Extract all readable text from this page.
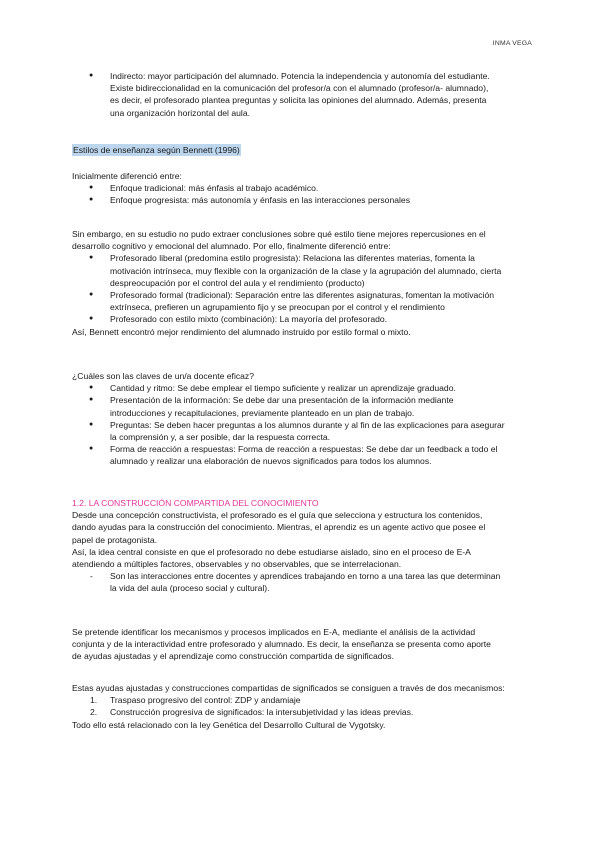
INMA VEGA
● Indirecto: mayor participación del alumnado. Potencia la independencia y autonomía del estudiante.
Existe bidireccionalidad en la comunicación del profesor/a con el alumnado (profesor/a- alumnado),
es decir, el profesorado plantea preguntas y solicita las opiniones del alumnado. Además, presenta
una organización horizontal del aula.
Estilos de enseñanza según Bennett (1996)
Inicialmente diferenció entre:
● Enfoque tradicional: más énfasis al trabajo académico.
● Enfoque progresista: más autonomía y énfasis en las interacciones personales
Sin embargo, en su estudio no pudo extraer conclusiones sobre qué estilo tiene mejores repercusiones en el
desarrollo cognitivo y emocional del alumnado. Por ello, finalmente diferenció entre:
● Profesorado liberal (predomina estilo progresista): Relaciona las diferentes materias, fomenta la
motivación intrínseca, muy flexible con la organización de la clase y la agrupación del alumnado, cierta
despreocupación por el control del aula y el rendimiento (producto)
● Profesorado formal (tradicional): Separación entre las diferentes asignaturas, fomentan la motivación
extrínseca, prefieren un agrupamiento fijo y se preocupan por el control y el rendimiento
● Profesorado con estilo mixto (combinación): La mayoría del profesorado.
Así, Bennett encontró mejor rendimiento del alumnado instruido por estilo formal o mixto.
¿Cuáles son las claves de un/a docente eficaz?
● Cantidad y ritmo: Se debe emplear el tiempo suficiente y realizar un aprendizaje graduado.
● Presentación de la información: Se debe dar una presentación de la información mediante
introducciones y recapitulaciones, previamente planteado en un plan de trabajo.
● Preguntas: Se deben hacer preguntas a los alumnos durante y al fin de las explicaciones para asegurar
la comprensión y, a ser posible, dar la respuesta correcta.
● Forma de reacción a respuestas: Forma de reacción a respuestas: Se debe dar un feedback a todo el
alumnado y realizar una elaboración de nuevos significados para todos los alumnos.
1.2. LA CONSTRUCCIÓN COMPARTIDA DEL CONOCIMIENTO
Desde una concepción constructivista, el profesorado es el guía que selecciona y estructura los contenidos,
dando ayudas para la construcción del conocimiento. Mientras, el aprendiz es un agente activo que posee el
papel de protagonista.
Así, la idea central consiste en que el profesorado no debe estudiarse aislado, sino en el proceso de E-A
atendiendo a múltiples factores, observables y no observables, que se interrelacionan.
- Son las interacciones entre docentes y aprendices trabajando en torno a una tarea las que determinan
la vida del aula (proceso social y cultural).
Se pretende identificar los mecanismos y procesos implicados en E-A, mediante el análisis de la actividad
conjunta y de la interactividad entre profesorado y alumnado. Es decir, la enseñanza se presenta como aporte
de ayudas ajustadas y el aprendizaje como construcción compartida de significados.
Estas ayudas ajustadas y construcciones compartidas de significados se consiguen a través de dos mecanismos:
1. Traspaso progresivo del control: ZDP y andamiaje
2. Construcción progresiva de significados: la intersubjetividad y las ideas previas.
Todo ello está relacionado con la ley Genética del Desarrollo Cultural de Vygotsky.
